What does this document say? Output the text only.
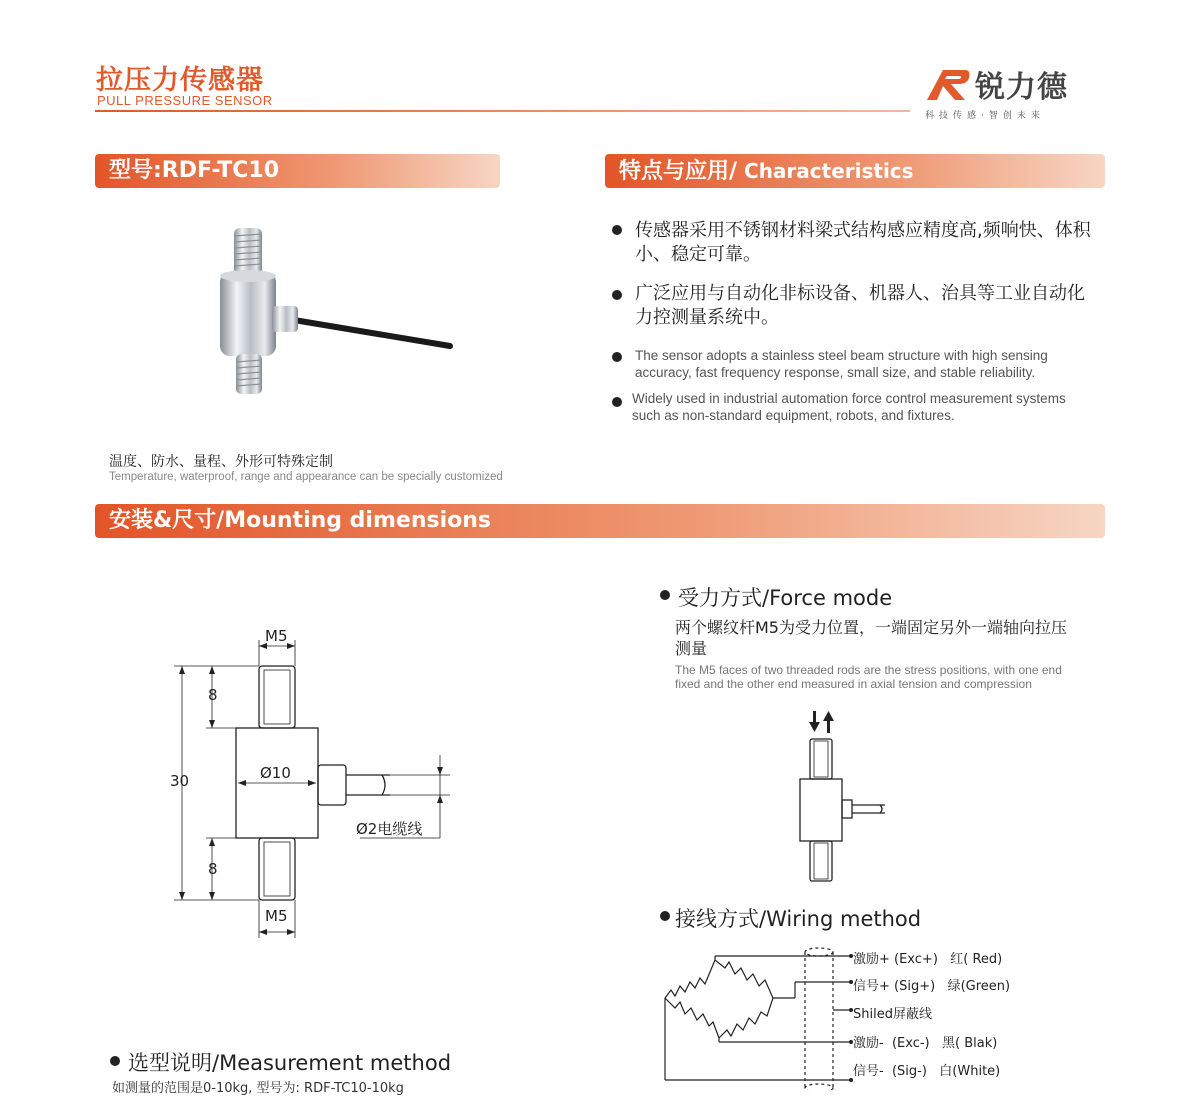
拉压力传感器
PULL PRESSURE SENSOR	锐力德
科技传感·智创未来
型号:RDF-TC10	特点与应用/ Characteristics
传感器采用不锈钢材料梁式结构感应精度高,频响快、体积小、稳定可靠。
广泛应用与自动化非标设备、机器人、治具等工业自动化力控测量系统中。
The sensor adopts a stainless steel beam structure with high sensing accuracy, fast frequency response, small size, and stable reliability.
Widely used in industrial automation force control measurement systems such as non-standard equipment, robots, and fixtures.
温度、防水、量程、外形可特殊定制
Temperature, waterproof, range and appearance can be specially customized
安装&尺寸/Mounting dimensions
M5
8
30	Ø10
8
M5
Ø2电缆线
受力方式/Force mode
两个螺纹杆M5为受力位置，一端固定另外一端轴向拉压测量
The M5 faces of two threaded rods are the stress positions, with one end fixed and the other end measured in axial tension and compression
接线方式/Wiring method
激励+ (Exc+)   红( Red)
信号+ (Sig+)   绿(Green)
Shiled屏蔽线
激励-  (Exc-)   黑( Blak)
信号-  (Sig-)   白(White)
选型说明/Measurement method
如测量的范围是0-10kg, 型号为: RDF-TC10-10kg
